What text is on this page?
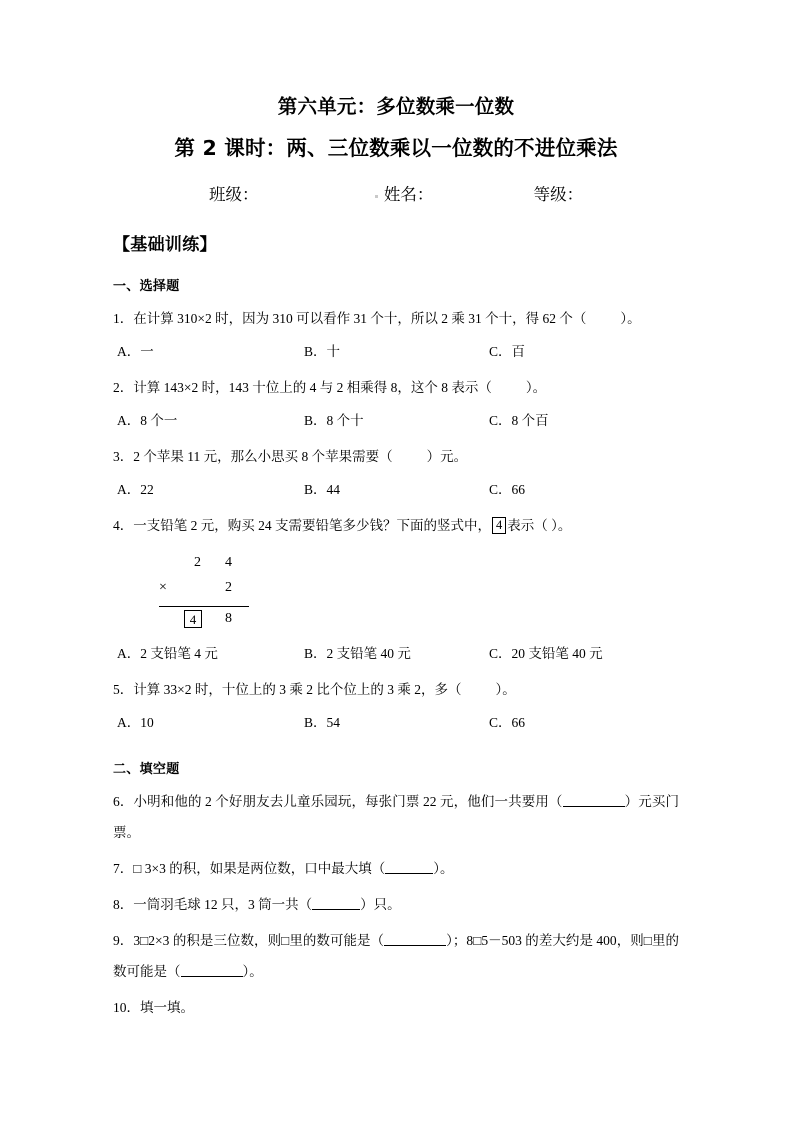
第六单元：多位数乘一位数
第 2 课时：两、三位数乘以一位数的不进位乘法
班级：	姓名：	等级：
【基础训练】
一、选择题
1．在计算 310×2 时，因为 310 可以看作 31 个十，所以 2 乘 31 个十，得 62 个（	）。
A．一	B．十	C．百
2．计算 143×2 时，143 十位上的 4 与 2 相乘得 8，这个 8 表示（	）。
A．8 个一	B．8 个十	C．8 个百
3．2 个苹果 11 元，那么小思买 8 个苹果需要（	）元。
A．22	B．44	C．66
4．一支铅笔 2 元，购买 24 支需要铅笔多少钱？下面的竖式中， 4 表示（ ）。
2 4
×	2
4	8
A．2 支铅笔 4 元	B．2 支铅笔 40 元	C．20 支铅笔 40 元
5．计算 33×2 时，十位上的 3 乘 2 比个位上的 3 乘 2，多（	）。
A．10	B．54	C．66
二、填空题
6．小明和他的 2 个好朋友去儿童乐园玩，每张门票 22 元，他们一共要用（	）元买门票。
7．□ 3×3 的积，如果是两位数，口中最大填（	）。
8．一筒羽毛球 12 只，3 筒一共（	）只。
9．3□2×3 的积是三位数，则□里的数可能是（	）；8□5－503 的差大约是 400，则□里的数可能是（	）。
10．填一填。
